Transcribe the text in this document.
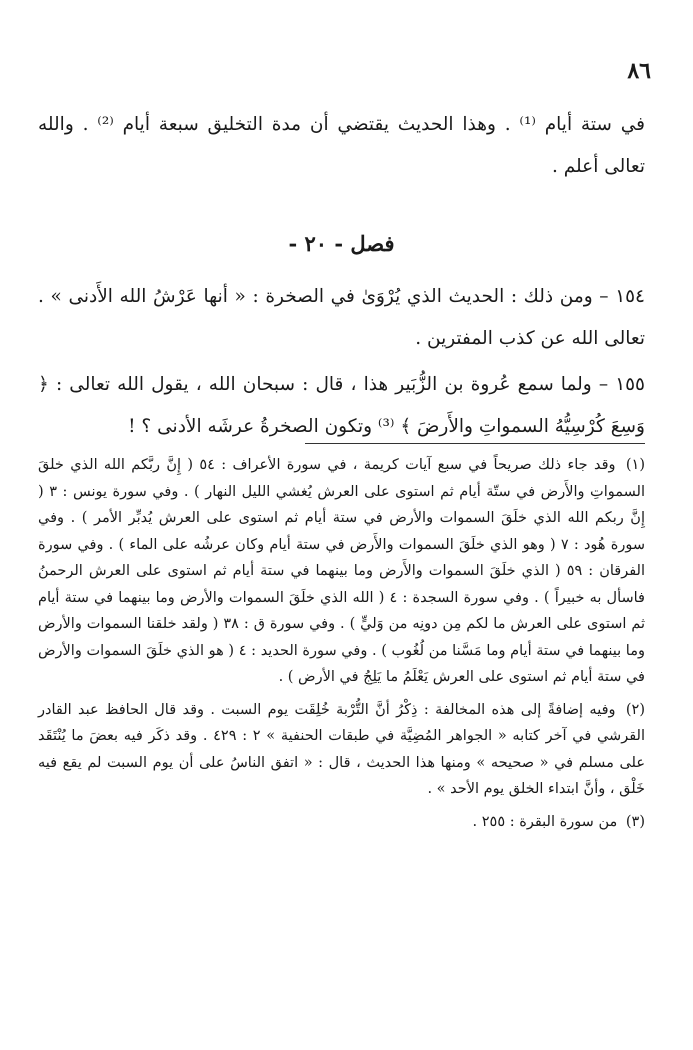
٨٦

في ستة أيام ⁽¹⁾ . وهذا الحديث يقتضي أن مدة التخليق سبعة أيام ⁽²⁾ . والله تعالى أعلم .

فصل - ٢٠ -

١٥٤ – ومن ذلك : الحديث الذي يُرْوَىٰ في الصخرة : « أنها عَرْشُ الله الأَدنى » . تعالى الله عن كذب المفترين .

١٥٥ – ولما سمع عُروة بن الزُّبَير هذا ، قال : سبحان الله ، يقول الله تعالى : ﴿ وَسِعَ كُرْسِيُّهُ السمواتِ والأَرضَ ﴾ ⁽³⁾ وتكون الصخرةُ عرشَه الأدنى ؟ !

(١) وقد جاء ذلك صريحاً في سبع آيات كريمة ، في سورة الأعراف : ٥٤ ( إِنَّ ربَّكم الله الذي خلقَ السمواتِ والأَرض في ستّة أيام ثم استوى على العرش يُغشي الليل النهار ) . وفي سورة يونس : ٣ ( إِنَّ ربكم الله الذي خلَقَ السموات والأرض في ستة أيام ثم استوى على العرش يُدبِّر الأمر ) . وفي سورة هُود : ٧ ( وهو الذي خلَقَ السموات والأَرض في ستة أيام وكان عرشُه على الماء ) . وفي سورة الفرقان : ٥٩ ( الذي خلَقَ السموات والأَرض وما بينهما في ستة أيام ثم استوى على العرش الرحمنُ فاسأل به خبيراً ) . وفي سورة السجدة : ٤ ( الله الذي خلَقَ السموات والأرض وما بينهما في ستة أيام ثم استوى على العرش ما لكم مِن دونِه من وَليٍّ ) . وفي سورة ق : ٣٨ ( ولقد خلقنا السموات والأرض وما بينهما في ستة أيام وما مَسَّنا من لُغُوب ) . وفي سورة الحديد : ٤ ( هو الذي خلَقَ السموات والأرض في ستة أيام ثم استوى على العرش يَعْلَمُ ما يَلِجُ في الأرض ) .

(٢) وفيه إضافةً إلى هذه المخالفة : ذِكْرُ أنَّ التُّرْبة خُلِقَت يوم السبت . وقد قال الحافظ عبد القادر القرشي في آخر كتابه « الجواهر المُضِيَّة في طبقات الحنفية » ٢ : ٤٢٩ . وقد ذكَر فيه بعضَ ما يُنْتَقَد على مسلم في « صحيحه » ومنها هذا الحديث ، قال : « اتفق الناسُ على أن يوم السبت لم يقع فيه خَلْق ، وأنَّ ابتداء الخلق يوم الأحد » .

(٣) من سورة البقرة : ٢٥٥ .
